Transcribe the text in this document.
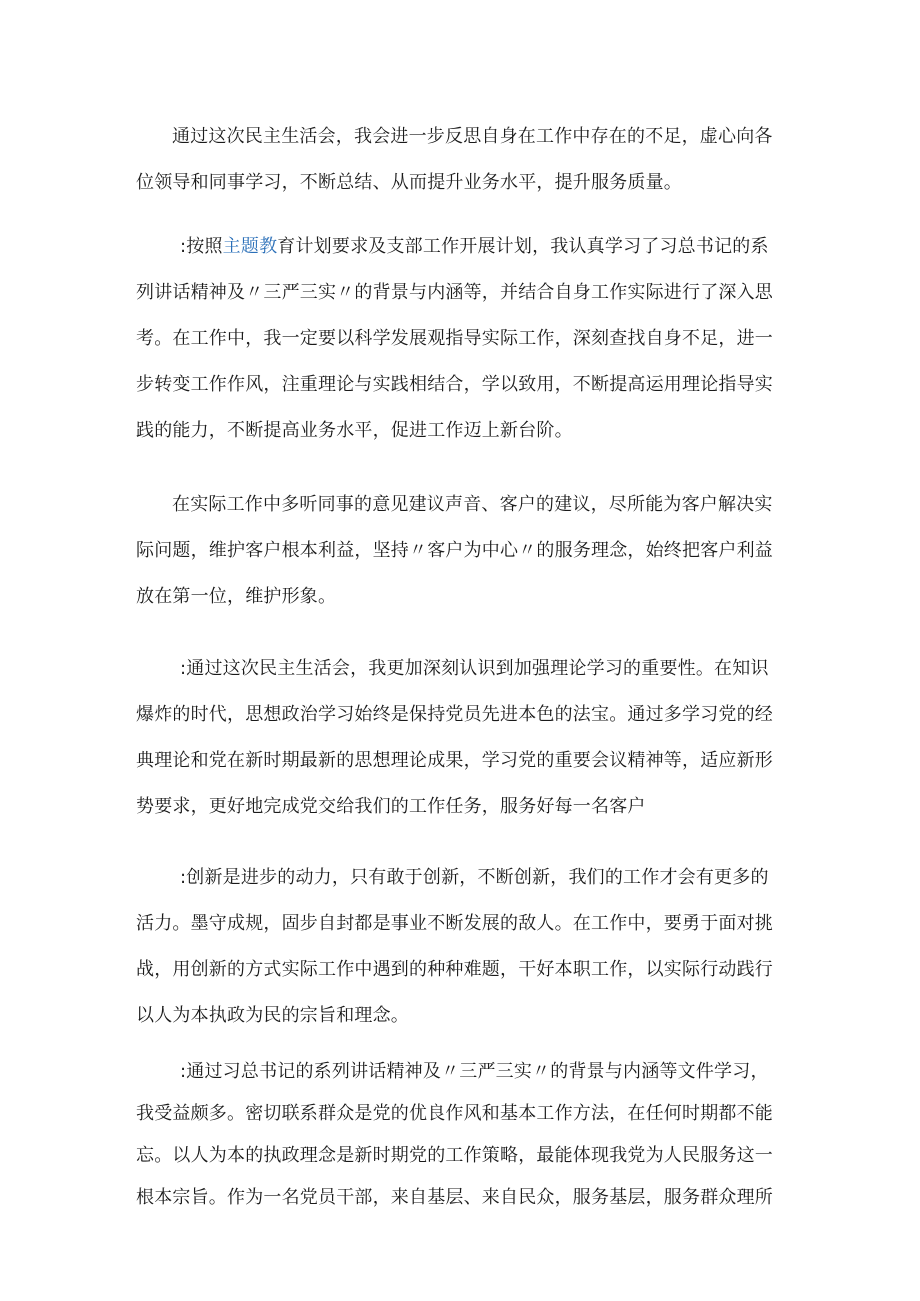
通过这次民主生活会，我会进一步反思自身在工作中存在的不足，虚心向各位领导和同事学习，不断总结、从而提升业务水平，提升服务质量。

:按照主题教育计划要求及支部工作开展计划，我认真学习了习总书记的系列讲话精神及〃三严三实〃的背景与内涵等，并结合自身工作实际进行了深入思考。在工作中，我一定要以科学发展观指导实际工作，深刻查找自身不足，进一步转变工作作风，注重理论与实践相结合，学以致用，不断提高运用理论指导实践的能力，不断提高业务水平，促进工作迈上新台阶。

在实际工作中多听同事的意见建议声音、客户的建议，尽所能为客户解决实际问题，维护客户根本利益，坚持〃客户为中心〃的服务理念，始终把客户利益放在第一位，维护形象。

:通过这次民主生活会，我更加深刻认识到加强理论学习的重要性。在知识爆炸的时代，思想政治学习始终是保持党员先进本色的法宝。通过多学习党的经典理论和党在新时期最新的思想理论成果，学习党的重要会议精神等，适应新形势要求，更好地完成党交给我们的工作任务，服务好每一名客户

:创新是进步的动力，只有敢于创新，不断创新，我们的工作才会有更多的活力。墨守成规，固步自封都是事业不断发展的敌人。在工作中，要勇于面对挑战，用创新的方式实际工作中遇到的种种难题，干好本职工作，以实际行动践行以人为本执政为民的宗旨和理念。

:通过习总书记的系列讲话精神及〃三严三实〃的背景与内涵等文件学习，我受益颇多。密切联系群众是党的优良作风和基本工作方法，在任何时期都不能忘。以人为本的执政理念是新时期党的工作策略，最能体现我党为人民服务这一根本宗旨。作为一名党员干部，来自基层、来自民众，服务基层，服务群众理所
